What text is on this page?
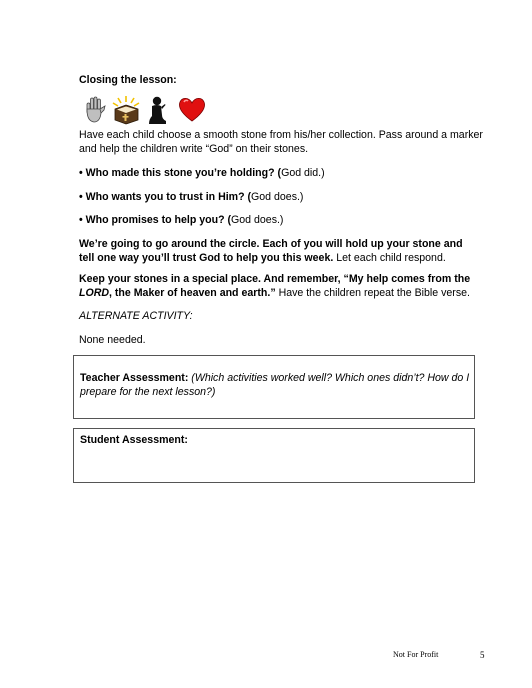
Closing the lesson:

Have each child choose a smooth stone from his/her collection. Pass around a marker and help the children write “God” on their stones.

• Who made this stone you’re holding? (God did.)

• Who wants you to trust in Him? (God does.)

• Who promises to help you? (God does.)

We’re going to go around the circle. Each of you will hold up your stone and tell one way you’ll trust God to help you this week. Let each child respond.

Keep your stones in a special place. And remember, “My help comes from the LORD, the Maker of heaven and earth.” Have the children repeat the Bible verse.

ALTERNATE ACTIVITY:

None needed.

Teacher Assessment: (Which activities worked well? Which ones didn’t? How do I prepare for the next lesson?)

Student Assessment:

Not For Profit	5
